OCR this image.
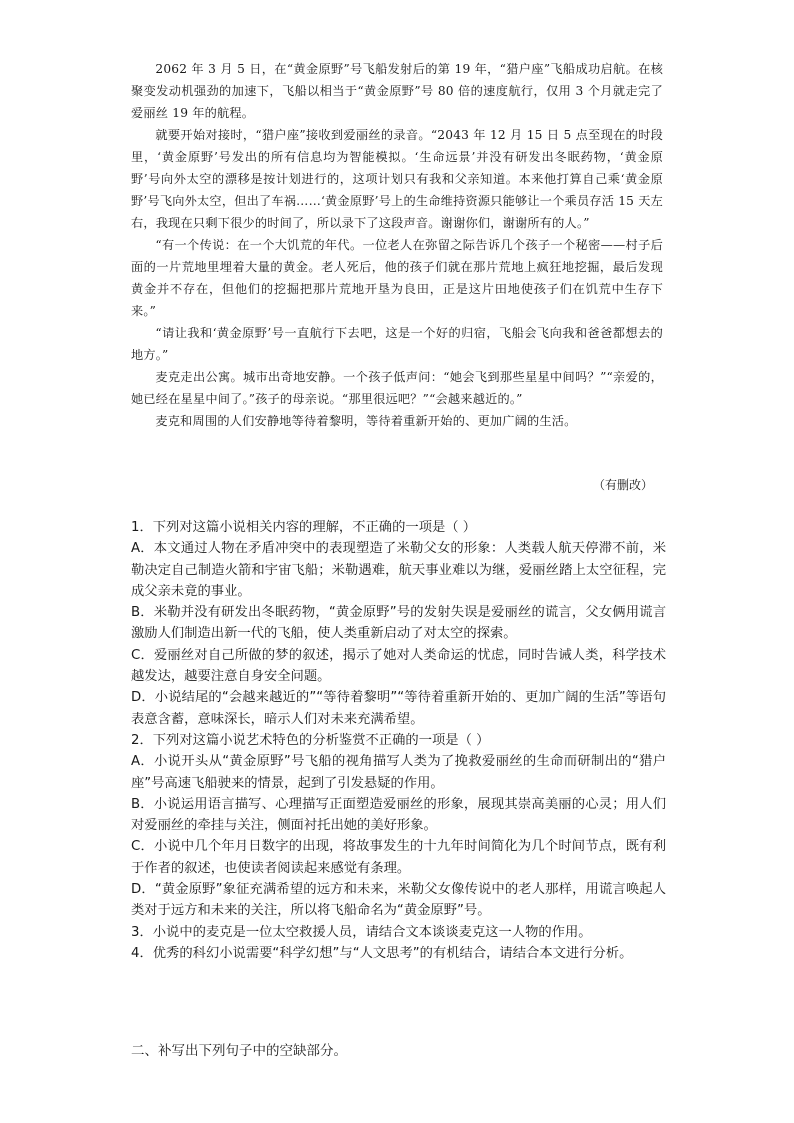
2062 年 3 月 5 日，在“黄金原野”号飞船发射后的第 19 年，“猎户座”飞船成功启航。在核聚变发动机强劲的加速下，飞船以相当于“黄金原野”号 80 倍的速度航行，仅用 3 个月就走完了爱丽丝 19 年的航程。

就要开始对接时，“猎户座”接收到爱丽丝的录音。“2043 年 12 月 15 日 5 点至现在的时段里，‘黄金原野’号发出的所有信息均为智能模拟。‘生命远景’并没有研发出冬眠药物，‘黄金原野’号向外太空的漂移是按计划进行的，这项计划只有我和父亲知道。本来他打算自己乘‘黄金原野’号飞向外太空，但出了车祸……‘黄金原野’号上的生命维持资源只能够让一个乘员存活 15 天左右，我现在只剩下很少的时间了，所以录下了这段声音。谢谢你们，谢谢所有的人。”

“有一个传说：在一个大饥荒的年代。一位老人在弥留之际告诉几个孩子一个秘密——村子后面的一片荒地里埋着大量的黄金。老人死后，他的孩子们就在那片荒地上疯狂地挖掘，最后发现黄金并不存在，但他们的挖掘把那片荒地开垦为良田，正是这片田地使孩子们在饥荒中生存下来。”

“请让我和‘黄金原野’号一直航行下去吧，这是一个好的归宿，飞船会飞向我和爸爸都想去的地方。”

麦克走出公寓。城市出奇地安静。一个孩子低声问：“她会飞到那些星星中间吗？”“亲爱的，她已经在星星中间了。”孩子的母亲说。“那里很远吧？”“会越来越近的。”

麦克和周围的人们安静地等待着黎明，等待着重新开始的、更加广阔的生活。

（有删改）

1．下列对这篇小说相关内容的理解，不正确的一项是（ ）

A．本文通过人物在矛盾冲突中的表现塑造了米勒父女的形象：人类载人航天停滞不前，米勒决定自己制造火箭和宇宙飞船；米勒遇难，航天事业难以为继，爱丽丝踏上太空征程，完成父亲未竟的事业。

B．米勒并没有研发出冬眠药物，“黄金原野”号的发射失误是爱丽丝的谎言，父女俩用谎言激励人们制造出新一代的飞船，使人类重新启动了对太空的探索。

C．爱丽丝对自己所做的梦的叙述，揭示了她对人类命运的忧虑，同时告诫人类，科学技术越发达，越要注意自身安全问题。

D．小说结尾的“会越来越近的”“等待着黎明”“等待着重新开始的、更加广阔的生活”等语句表意含蓄，意味深长，暗示人们对未来充满希望。

2．下列对这篇小说艺术特色的分析鉴赏不正确的一项是（ ）

A．小说开头从“黄金原野”号飞船的视角描写人类为了挽救爱丽丝的生命而研制出的“猎户座”号高速飞船驶来的情景，起到了引发悬疑的作用。

B．小说运用语言描写、心理描写正面塑造爱丽丝的形象，展现其崇高美丽的心灵；用人们对爱丽丝的牵挂与关注，侧面衬托出她的美好形象。

C．小说中几个年月日数字的出现，将故事发生的十九年时间简化为几个时间节点，既有利于作者的叙述，也使读者阅读起来感觉有条理。

D．“黄金原野”象征充满希望的远方和未来，米勒父女像传说中的老人那样，用谎言唤起人类对于远方和未来的关注，所以将飞船命名为“黄金原野”号。

3．小说中的麦克是一位太空救援人员，请结合文本谈谈麦克这一人物的作用。

4．优秀的科幻小说需要“科学幻想”与“人文思考”的有机结合，请结合本文进行分析。

二、补写出下列句子中的空缺部分。
